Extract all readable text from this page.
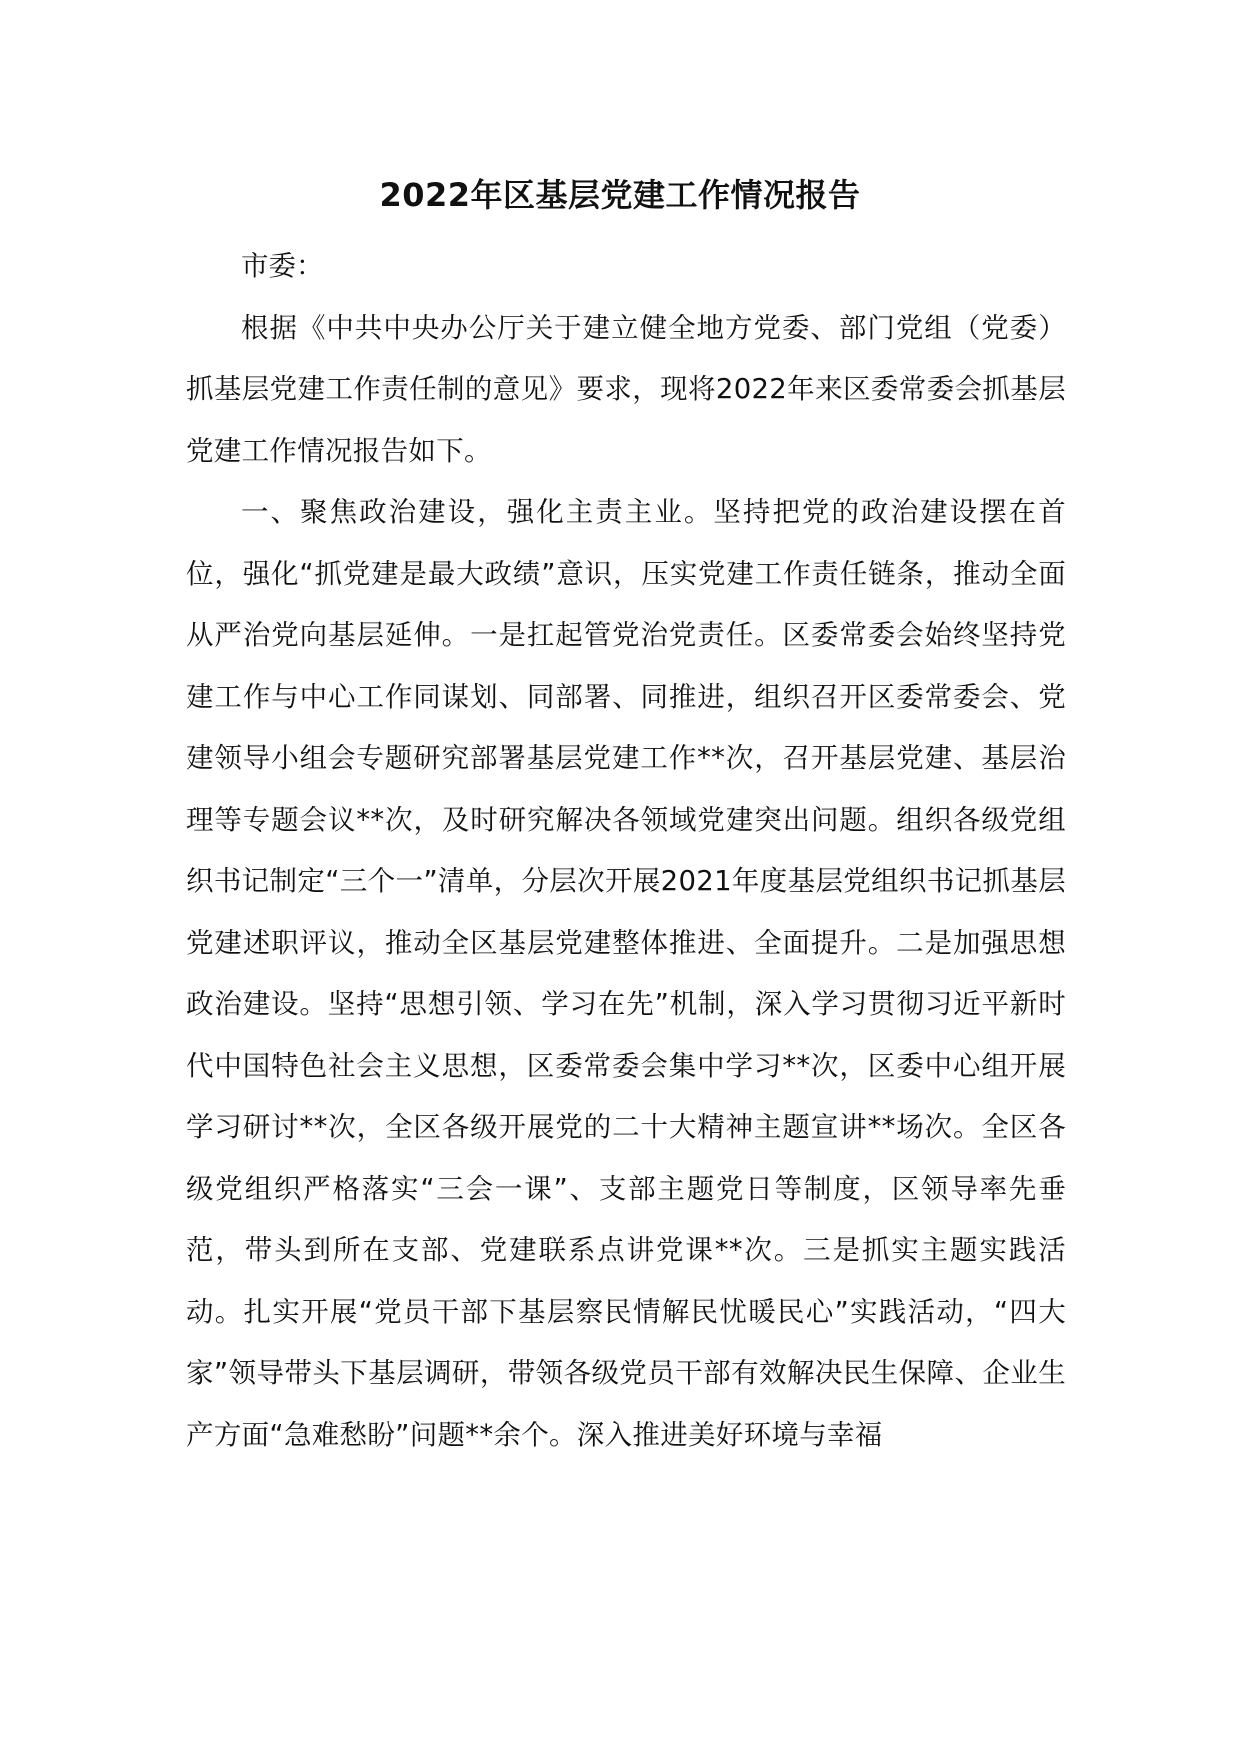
2022年区基层党建工作情况报告

市委：

根据《中共中央办公厅关于建立健全地方党委、部门党组（党委）抓基层党建工作责任制的意见》要求，现将2022年来区委常委会抓基层党建工作情况报告如下。

一、聚焦政治建设，强化主责主业。坚持把党的政治建设摆在首位，强化“抓党建是最大政绩”意识，压实党建工作责任链条，推动全面从严治党向基层延伸。一是扛起管党治党责任。区委常委会始终坚持党建工作与中心工作同谋划、同部署、同推进，组织召开区委常委会、党建领导小组会专题研究部署基层党建工作**次，召开基层党建、基层治理等专题会议**次，及时研究解决各领域党建突出问题。组织各级党组织书记制定“三个一”清单，分层次开展2021年度基层党组织书记抓基层党建述职评议，推动全区基层党建整体推进、全面提升。二是加强思想政治建设。坚持“思想引领、学习在先”机制，深入学习贯彻习近平新时代中国特色社会主义思想，区委常委会集中学习**次，区委中心组开展学习研讨**次，全区各级开展党的二十大精神主题宣讲**场次。全区各级党组织严格落实“三会一课”、支部主题党日等制度，区领导率先垂范，带头到所在支部、党建联系点讲党课**次。三是抓实主题实践活动。扎实开展“党员干部下基层察民情解民忧暖民心”实践活动，“四大家”领导带头下基层调研，带领各级党员干部有效解决民生保障、企业生产方面“急难愁盼”问题**余个。深入推进美好环境与幸福
